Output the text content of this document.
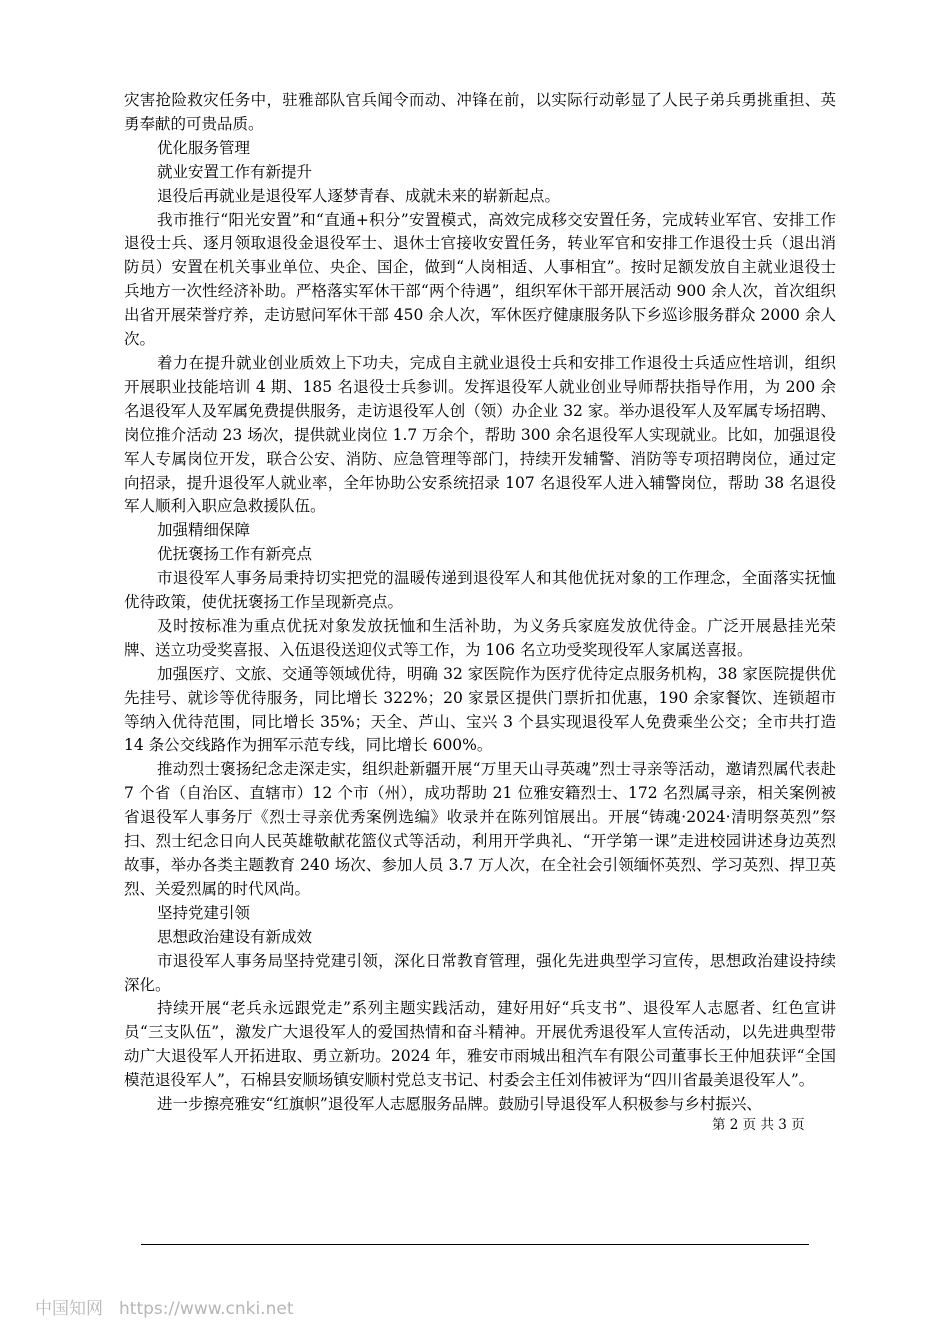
灾害抢险救灾任务中，驻雅部队官兵闻令而动、冲锋在前，以实际行动彰显了人民子弟兵勇挑重担、英勇奉献的可贵品质。

优化服务管理

就业安置工作有新提升

退役后再就业是退役军人逐梦青春、成就未来的崭新起点。

我市推行“阳光安置”和“直通+积分”安置模式，高效完成移交安置任务，完成转业军官、安排工作退役士兵、逐月领取退役金退役军士、退休士官接收安置任务，转业军官和安排工作退役士兵（退出消防员）安置在机关事业单位、央企、国企，做到“人岗相适、人事相宜”。按时足额发放自主就业退役士兵地方一次性经济补助。严格落实军休干部“两个待遇”，组织军休干部开展活动 900 余人次，首次组织出省开展荣誉疗养，走访慰问军休干部 450 余人次，军休医疗健康服务队下乡巡诊服务群众 2000 余人次。

着力在提升就业创业质效上下功夫，完成自主就业退役士兵和安排工作退役士兵适应性培训，组织开展职业技能培训 4 期、185 名退役士兵参训。发挥退役军人就业创业导师帮扶指导作用，为 200 余名退役军人及军属免费提供服务，走访退役军人创（领）办企业 32 家。举办退役军人及军属专场招聘、岗位推介活动 23 场次，提供就业岗位 1.7 万余个，帮助 300 余名退役军人实现就业。比如，加强退役军人专属岗位开发，联合公安、消防、应急管理等部门，持续开发辅警、消防等专项招聘岗位，通过定向招录，提升退役军人就业率，全年协助公安系统招录 107 名退役军人进入辅警岗位，帮助 38 名退役军人顺利入职应急救援队伍。

加强精细保障

优抚褒扬工作有新亮点

市退役军人事务局秉持切实把党的温暖传递到退役军人和其他优抚对象的工作理念，全面落实抚恤优待政策，使优抚褒扬工作呈现新亮点。

及时按标准为重点优抚对象发放抚恤和生活补助，为义务兵家庭发放优待金。广泛开展悬挂光荣牌、送立功受奖喜报、入伍退役送迎仪式等工作，为 106 名立功受奖现役军人家属送喜报。

加强医疗、文旅、交通等领域优待，明确 32 家医院作为医疗优待定点服务机构，38 家医院提供优先挂号、就诊等优待服务，同比增长 322%；20 家景区提供门票折扣优惠，190 余家餐饮、连锁超市等纳入优待范围，同比增长 35%；天全、芦山、宝兴 3 个县实现退役军人免费乘坐公交；全市共打造 14 条公交线路作为拥军示范专线，同比增长 600%。

推动烈士褒扬纪念走深走实，组织赴新疆开展“万里天山寻英魂”烈士寻亲等活动，邀请烈属代表赴 7 个省（自治区、直辖市）12 个市（州），成功帮助 21 位雅安籍烈士、172 名烈属寻亲，相关案例被省退役军人事务厅《烈士寻亲优秀案例选编》收录并在陈列馆展出。开展“铸魂·2024·清明祭英烈”祭扫、烈士纪念日向人民英雄敬献花篮仪式等活动，利用开学典礼、“开学第一课”走进校园讲述身边英烈故事，举办各类主题教育 240 场次、参加人员 3.7 万人次，在全社会引领缅怀英烈、学习英烈、捍卫英烈、关爱烈属的时代风尚。

坚持党建引领

思想政治建设有新成效

市退役军人事务局坚持党建引领，深化日常教育管理，强化先进典型学习宣传，思想政治建设持续深化。

持续开展“老兵永远跟党走”系列主题实践活动，建好用好“兵支书”、退役军人志愿者、红色宣讲员“三支队伍”，激发广大退役军人的爱国热情和奋斗精神。开展优秀退役军人宣传活动，以先进典型带动广大退役军人开拓进取、勇立新功。2024 年，雅安市雨城出租汽车有限公司董事长王仲旭获评“全国模范退役军人”，石棉县安顺场镇安顺村党总支书记、村委会主任刘伟被评为“四川省最美退役军人”。

进一步擦亮雅安“红旗帜”退役军人志愿服务品牌。鼓励引导退役军人积极参与乡村振兴、

第 2 页 共 3 页
中国知网 https://www.cnki.net
